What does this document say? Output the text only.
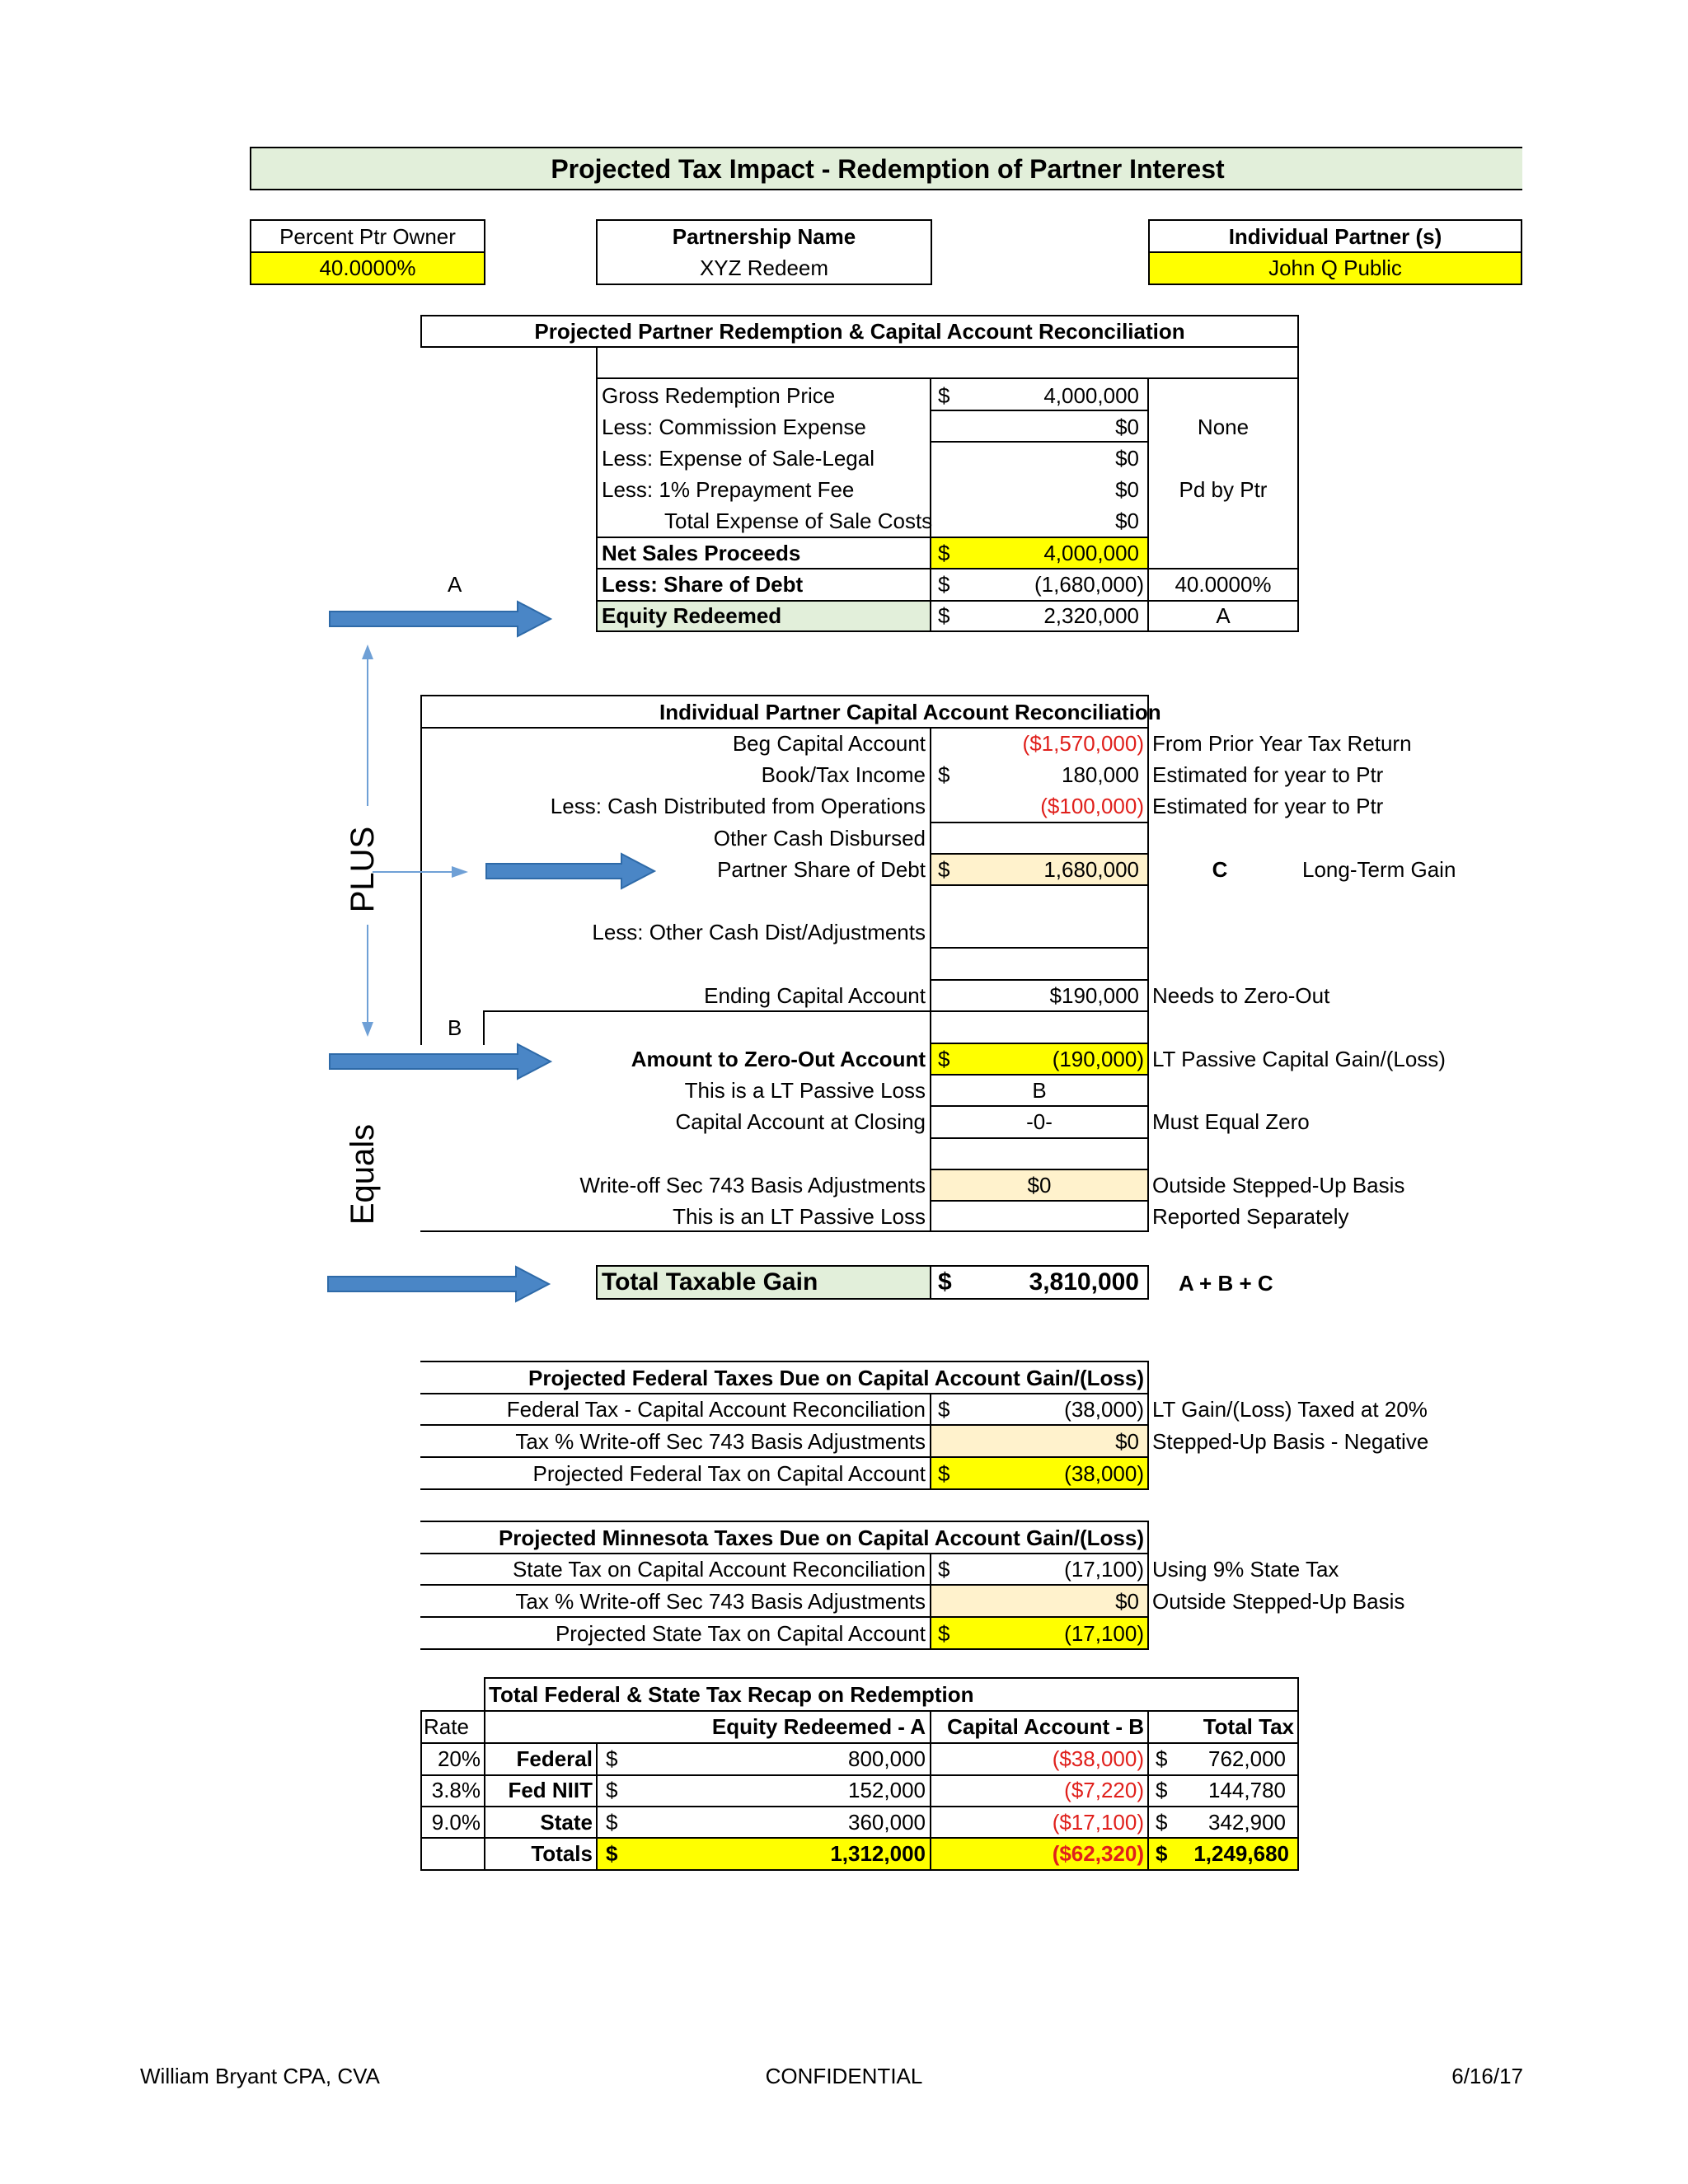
Projected Tax Impact - Redemption of Partner Interest
Percent Ptr Owner
40.0000%
Partnership Name
XYZ Redeem
Individual Partner (s)
John Q Public
Projected Partner Redemption & Capital Account Reconciliation
Gross Redemption Price	$	4,000,000
Less: Commission Expense	$0	None
Less: Expense of Sale-Legal	$0
Less: 1% Prepayment Fee	$0	Pd by Ptr
Total Expense of Sale Costs	$0
Net Sales Proceeds	$	4,000,000
Less: Share of Debt	$	(1,680,000)	40.0000%
Equity Redeemed	$	2,320,000	A
A
Individual Partner Capital Account Reconciliation
Beg Capital Account	($1,570,000) From Prior Year Tax Return
Book/Tax Income $	180,000 Estimated for year to Ptr
Less: Cash Distributed from Operations	($100,000) Estimated for year to Ptr
Other Cash Disbursed
Partner Share of Debt $	1,680,000	C	Long-Term Gain
Less: Other Cash Dist/Adjustments
Ending Capital Account	$190,000 Needs to Zero-Out
B
Amount to Zero-Out Account $	(190,000) LT Passive Capital Gain/(Loss)
This is a LT Passive Loss	B
Capital Account at Closing	-0-	Must Equal Zero
Write-off Sec 743 Basis Adjustments	$0	Outside Stepped-Up Basis
This is an LT Passive Loss	Reported Separately
Total Taxable Gain	$	3,810,000 A + B + C
Projected Federal Taxes Due on Capital Account Gain/(Loss)
Federal Tax - Capital Account Reconciliation $	(38,000) LT Gain/(Loss) Taxed at 20%
Tax % Write-off Sec 743 Basis Adjustments	$0 Stepped-Up Basis - Negative
Projected Federal Tax on Capital Account $	(38,000)
Projected Minnesota Taxes Due on Capital Account Gain/(Loss)
State Tax on Capital Account Reconciliation $	(17,100) Using 9% State Tax
Tax % Write-off Sec 743 Basis Adjustments	$0 Outside Stepped-Up Basis
Projected State Tax on Capital Account $	(17,100)
Total Federal & State Tax Recap on Redemption
Rate	Equity Redeemed - A	Capital Account - B	Total Tax
20%	Federal $	800,000	($38,000) $	762,000
3.8%	Fed NIIT $	152,000	($7,220) $	144,780
9.0%	State $	360,000	($17,100) $	342,900
Totals $	1,312,000	($62,320) $	1,249,680
PLUS
Equals
William Bryant CPA, CVA	CONFIDENTIAL	6/16/17
